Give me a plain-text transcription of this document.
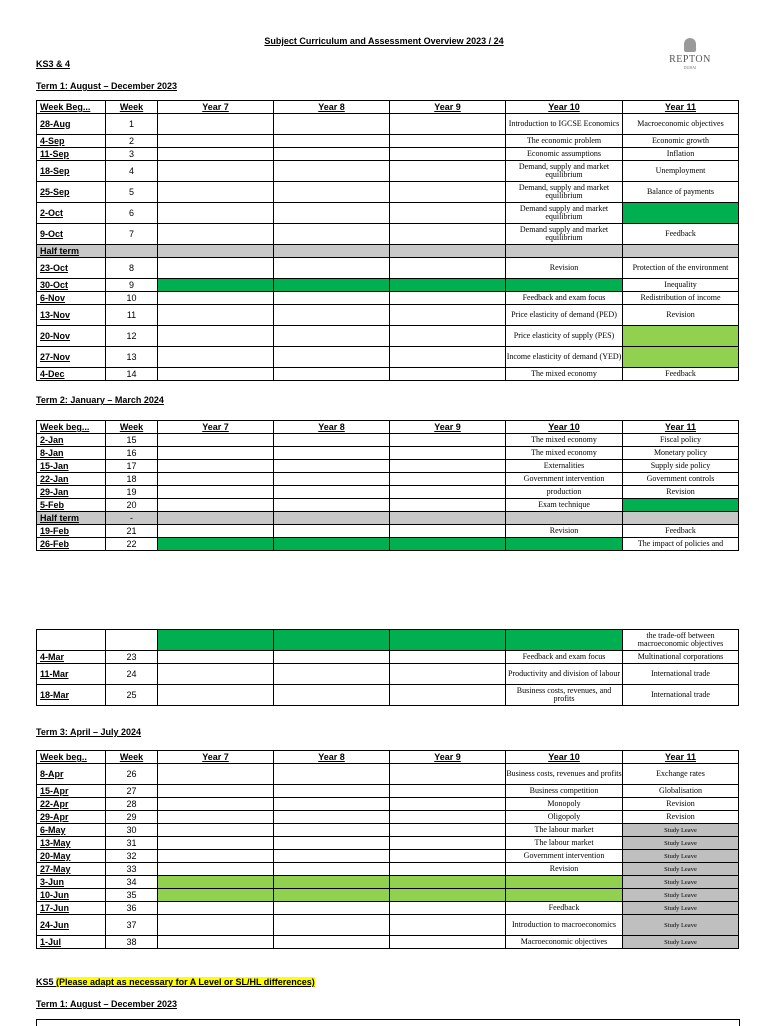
Subject Curriculum and Assessment Overview 2023 / 24
REPTON
DUBAI
KS3 & 4
Term 1: August – December 2023
Week Beg...	Week	Year 7	Year 8	Year 9	Year 10	Year 11
28-Aug	1				Introduction to IGCSE Economics	Macroeconomic objectives
4-Sep	2				The economic problem	Economic growth
11-Sep	3				Economic assumptions	Inflation
18-Sep	4				Demand, supply and market equilibrium	Unemployment
25-Sep	5				Demand, supply and market equilibrium	Balance of payments
2-Oct	6				Demand supply and market equilibrium	
9-Oct	7				Demand supply and market equilibrium	Feedback
Half term						
23-Oct	8				Revision	Protection of the environment
30-Oct	9					Inequality
6-Nov	10				Feedback and exam focus	Redistribution of income
13-Nov	11				Price elasticity of demand (PED)	Revision
20-Nov	12				Price elasticity of supply (PES)	
27-Nov	13				Income elasticity of demand (YED)	
4-Dec	14				The mixed economy	Feedback
Term 2: January – March 2024
Week beg...	Week	Year 7	Year 8	Year 9	Year 10	Year 11
2-Jan	15				The mixed economy	Fiscal policy
8-Jan	16				The mixed economy	Monetary policy
15-Jan	17				Externalities	Supply side policy
22-Jan	18				Government intervention	Government controls
29-Jan	19				production	Revision
5-Feb	20				Exam technique	
Half term	-					
19-Feb	21				Revision	Feedback
26-Feb	22					The impact of policies and
						the trade-off between macroeconomic objectives
4-Mar	23				Feedback and exam focus	Multinational corporations
11-Mar	24				Productivity and division of labour	International trade
18-Mar	25				Business costs, revenues, and profits	International trade
Term 3: April – July 2024
Week beg..	Week	Year 7	Year 8	Year 9	Year 10	Year 11
8-Apr	26				Business costs, revenues and profits	Exchange rates
15-Apr	27				Business competition	Globalisation
22-Apr	28				Monopoly	Revision
29-Apr	29				Oligopoly	Revision
6-May	30				The labour market	Study Leave
13-May	31				The labour market	Study Leave
20-May	32				Government intervention	Study Leave
27-May	33				Revision	Study Leave
3-Jun	34					Study Leave
10-Jun	35					Study Leave
17-Jun	36				Feedback	Study Leave
24-Jun	37				Introduction to macroeconomics	Study Leave
1-Jul	38				Macroeconomic objectives	Study Leave
KS5 (Please adapt as necessary for A Level or SL/HL differences)
Term 1: August – December 2023
